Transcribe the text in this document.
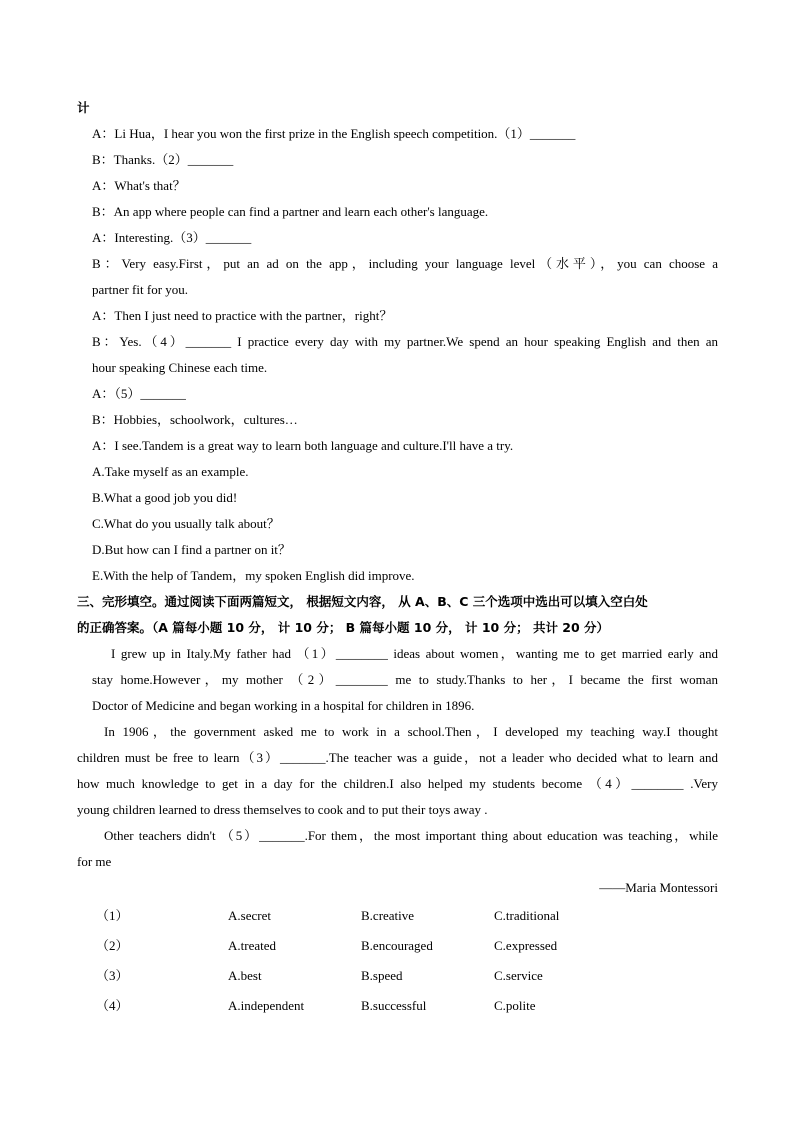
计
A：Li Hua，I hear you won the first prize in the English speech competition.（1）_______
B：Thanks.（2）_______
A：What's that？
B：An app where people can find a partner and learn each other's language.
A：Interesting.（3）_______
B：Very easy.First，put an ad on the app，including your language level（水平），you can choose a
partner fit for you.
A：Then I just need to practice with the partner，right？
B：Yes.（4）_______ I practice every day with my partner.We spend an hour speaking English and then an
hour speaking Chinese each time.
A：（5）_______
B：Hobbies，schoolwork，cultures…
A：I see.Tandem is a great way to learn both language and culture.I'll have a try.
A.Take myself as an example.
B.What a good job you did!
C.What do you usually talk about？
D.But how can I find a partner on it？
E.With the help of Tandem，my spoken English did improve.
三、完形填空。通过阅读下面两篇短文， 根据短文内容， 从 A、B、C 三个选项中选出可以填入空白处
的正确答案。（A 篇每小题 10 分， 计 10 分； B 篇每小题 10 分， 计 10 分； 共计 20 分）
I grew up in Italy.My father had （1）________ ideas about women，wanting me to get married early and
stay home.However，my mother （2）________ me to study.Thanks to her，I became the first woman
Doctor of Medicine and began working in a hospital for children in 1896.
In 1906，the government asked me to work in a school.Then，I developed my teaching way.I thought
children must be free to learn（3）_______.The teacher was a guide，not a leader who decided what to learn and
how much knowledge to get in a day for the children.I also helped my students become （4）________ .Very
young children learned to dress themselves to cook and to put their toys away .
Other teachers didn't （5）_______.For them，the most important thing about education was teaching，while
for me
——Maria Montessori
（1）	A.secret	B.creative	C.traditional
（2）	A.treated	B.encouraged	C.expressed
（3）	A.best	B.speed	C.service
（4）	A.independent	B.successful	C.polite
